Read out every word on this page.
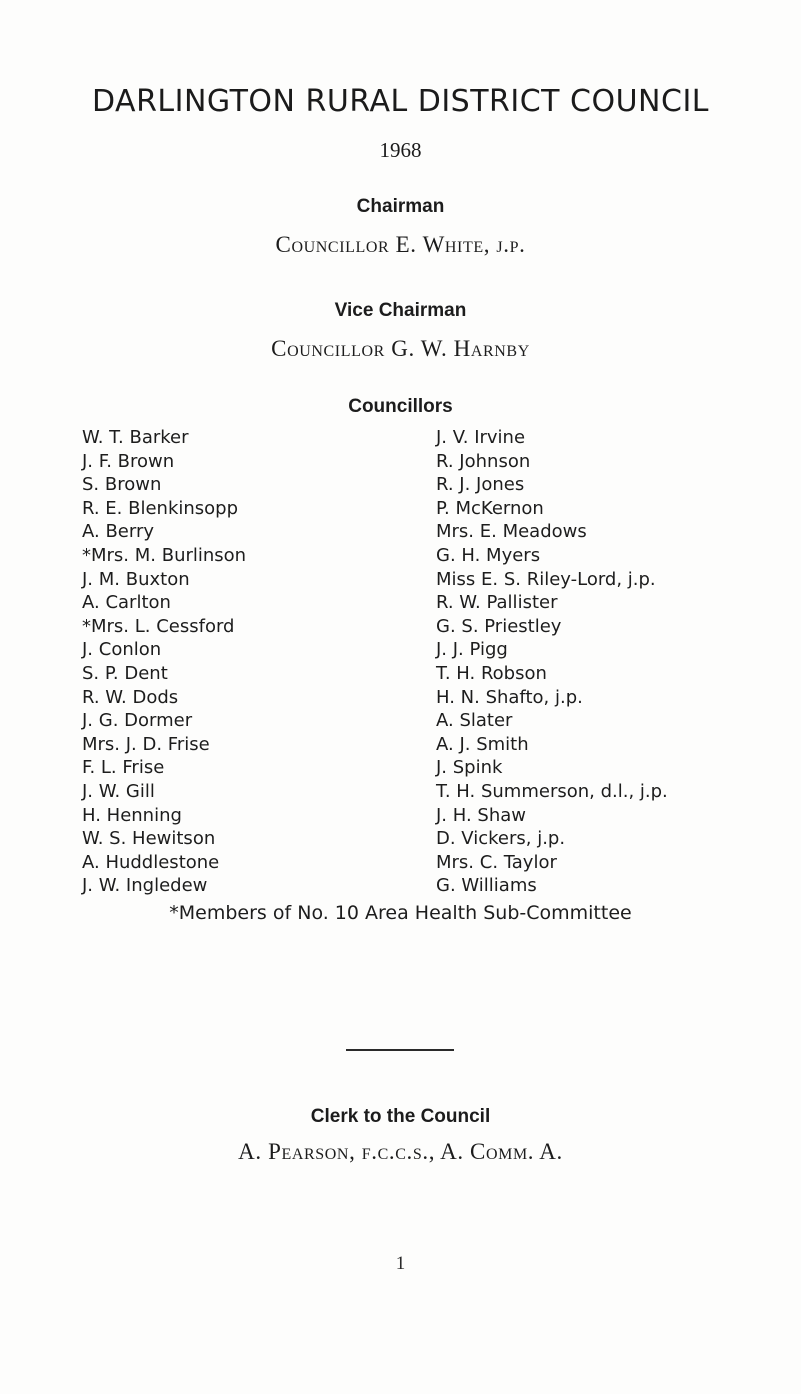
DARLINGTON RURAL DISTRICT COUNCIL
1968
Chairman
Councillor E. White, j.p.
Vice Chairman
Councillor G. W. Harnby
Councillors
W. T. Barker
J. F. Brown
S. Brown
R. E. Blenkinsopp
A. Berry
*Mrs. M. Burlinson
J. M. Buxton
A. Carlton
*Mrs. L. Cessford
J. Conlon
S. P. Dent
R. W. Dods
J. G. Dormer
Mrs. J. D. Frise
F. L. Frise
J. W. Gill
H. Henning
W. S. Hewitson
A. Huddlestone
J. W. Ingledew
J. V. Irvine
R. Johnson
R. J. Jones
P. McKernon
Mrs. E. Meadows
G. H. Myers
Miss E. S. Riley-Lord, j.p.
R. W. Pallister
G. S. Priestley
J. J. Pigg
T. H. Robson
H. N. Shafto, j.p.
A. Slater
A. J. Smith
J. Spink
T. H. Summerson, d.l., j.p.
J. H. Shaw
D. Vickers, j.p.
Mrs. C. Taylor
G. Williams
*Members of No. 10 Area Health Sub-Committee
Clerk to the Council
A. Pearson, f.c.c.s., A. Comm. A.
1
